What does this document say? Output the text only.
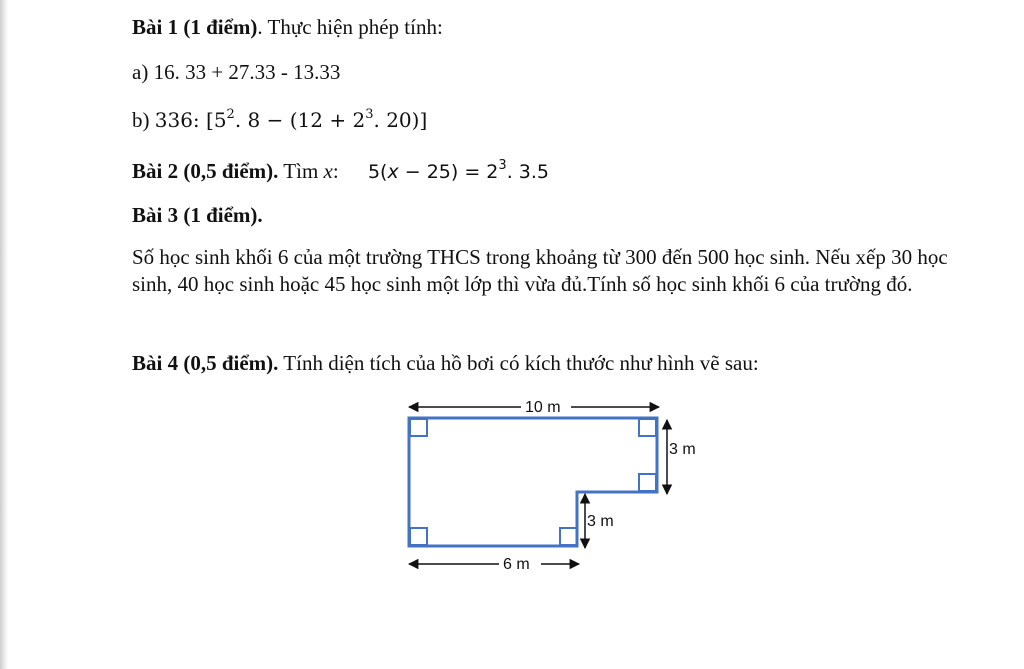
Bài 1 (1 điểm). Thực hiện phép tính:
a) 16. 33 + 27.33 - 13.33
b) 336: [$5^2$. $8 - (12 + 2^3$. 20)]
Bài 2 (0,5 điểm). Tìm x: $5(x - 25) = 2^3$. 3.5
Bài 3 (1 điểm).
Số học sinh khối 6 của một trường THCS trong khoảng từ 300 đến 500 học sinh. Nếu xếp 30 học sinh, 40 học sinh hoặc 45 học sinh một lớp thì vừa đủ.Tính số học sinh khối 6 của trường đó.
Bài 4 (0,5 điểm). Tính diện tích của hồ bơi có kích thước như hình vẽ sau:
10 m
3 m
3 m
6 m
